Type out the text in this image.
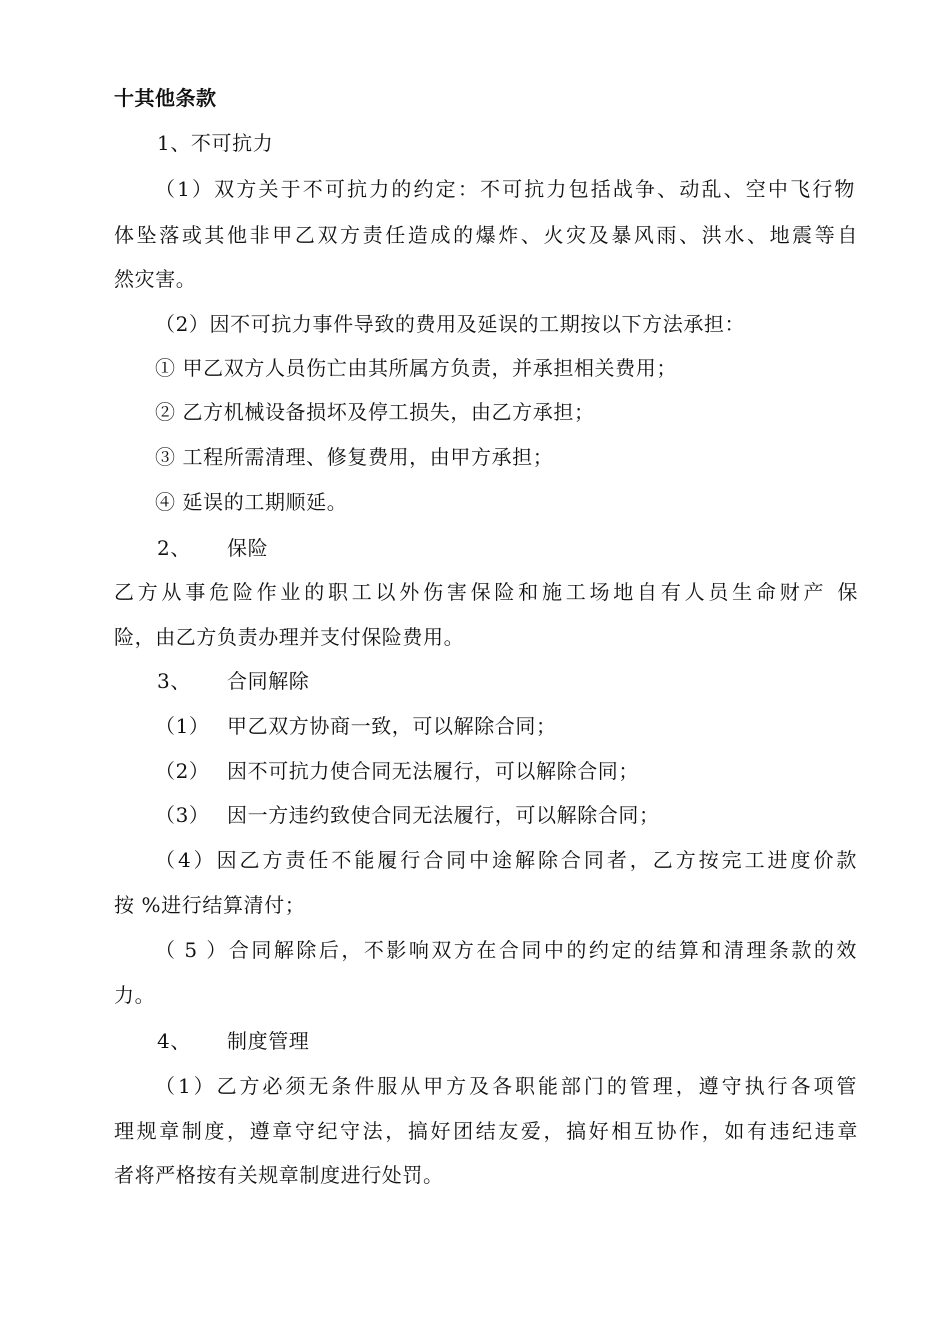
十其他条款
1、不可抗力
（1）双方关于不可抗力的约定：不可抗力包括战争、动乱、空中飞行物
体坠落或其他非甲乙双方责任造成的爆炸、火灾及暴风雨、洪水、地震等自
然灾害。
（2）因不可抗力事件导致的费用及延误的工期按以下方法承担：
① 甲乙双方人员伤亡由其所属方负责，并承担相关费用；
② 乙方机械设备损坏及停工损失，由乙方承担；
③ 工程所需清理、修复费用，由甲方承担；
④ 延误的工期顺延。
2、 保险
乙方从事危险作业的职工以外伤害保险和施工场地自有人员生命财产 保
险，由乙方负责办理并支付保险费用。
3、 合同解除
（1） 甲乙双方协商一致，可以解除合同；
（2） 因不可抗力使合同无法履行，可以解除合同；
（3） 因一方违约致使合同无法履行，可以解除合同；
（4）因乙方责任不能履行合同中途解除合同者，乙方按完工进度价款
按 %进行结算清付；
（5）合同解除后，不影响双方在合同中的约定的结算和清理条款的效
力。
4、 制度管理
（1）乙方必须无条件服从甲方及各职能部门的管理，遵守执行各项管
理规章制度，遵章守纪守法，搞好团结友爱，搞好相互协作，如有违纪违章
者将严格按有关规章制度进行处罚。
